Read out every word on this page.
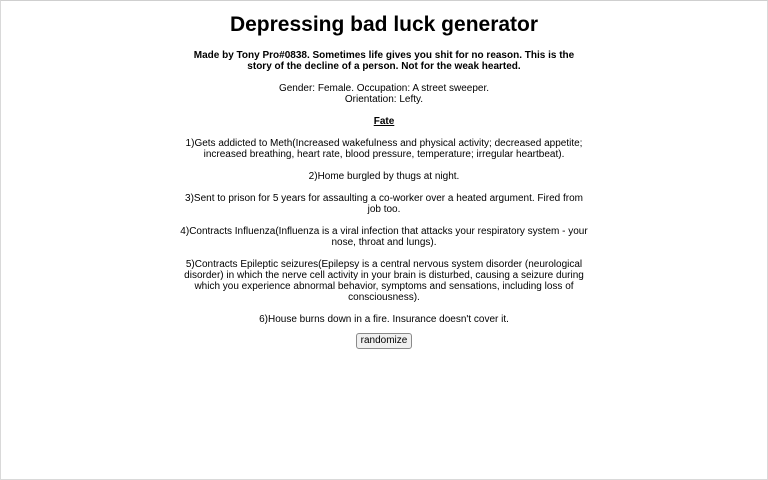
Depressing bad luck generator

Made by Tony Pro#0838. Sometimes life gives you shit for no reason. This is the story of the decline of a person. Not for the weak hearted.

Gender: Female. Occupation: A street sweeper.
Orientation: Lefty.

Fate

1)Gets addicted to Meth(Increased wakefulness and physical activity; decreased appetite; increased breathing, heart rate, blood pressure, temperature; irregular heartbeat).

2)Home burgled by thugs at night.

3)Sent to prison for 5 years for assaulting a co-worker over a heated argument. Fired from job too.

4)Contracts Influenza(Influenza is a viral infection that attacks your respiratory system - your nose, throat and lungs).

5)Contracts Epileptic seizures(Epilepsy is a central nervous system disorder (neurological disorder) in which the nerve cell activity in your brain is disturbed, causing a seizure during which you experience abnormal behavior, symptoms and sensations, including loss of consciousness).

6)House burns down in a fire. Insurance doesn't cover it.

randomize
